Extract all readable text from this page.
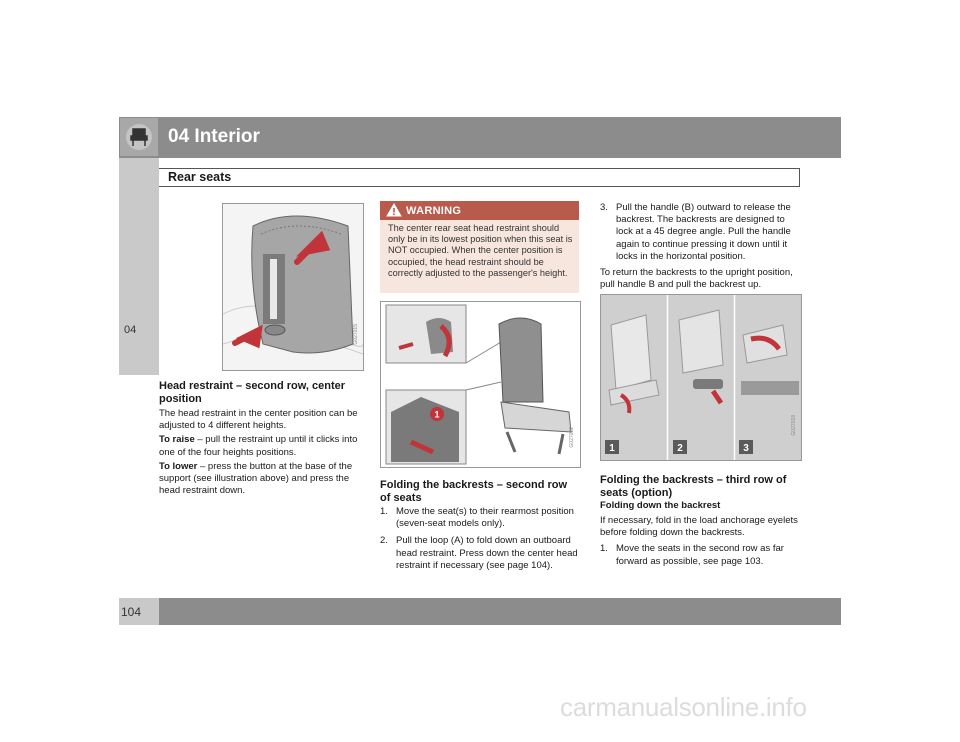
04 Interior
Rear seats
04	G027015
Head restraint – second row, center position
The head restraint in the center position can be adjusted to 4 different heights.
To raise – pull the restraint up until it clicks into one of the four heights positions.
To lower – press the button at the base of the support (see illustration above) and press the head restraint down.
WARNING
The center rear seat head restraint should only be in its lowest position when this seat is NOT occupied. When the center position is occupied, the head restraint should be correctly adjusted to the passenger's height.
1
G027022
Folding the backrests – second row of seats
1. Move the seat(s) to their rearmost position (seven-seat models only).
2. Pull the loop (A) to fold down an outboard head restraint. Press down the center head restraint if necessary (see page 104).
3. Pull the handle (B) outward to release the backrest. The backrests are designed to lock at a 45 degree angle. Pull the handle again to continue pressing it down until it locks in the horizontal position.
To return the backrests to the upright position, pull handle B and pull the backrest up.
1	2	3
G027018
Folding the backrests – third row of seats (option)
Folding down the backrest
If necessary, fold in the load anchorage eyelets before folding down the backrests.
1. Move the seats in the second row as far forward as possible, see page 103.
104
carmanualsonline.info
